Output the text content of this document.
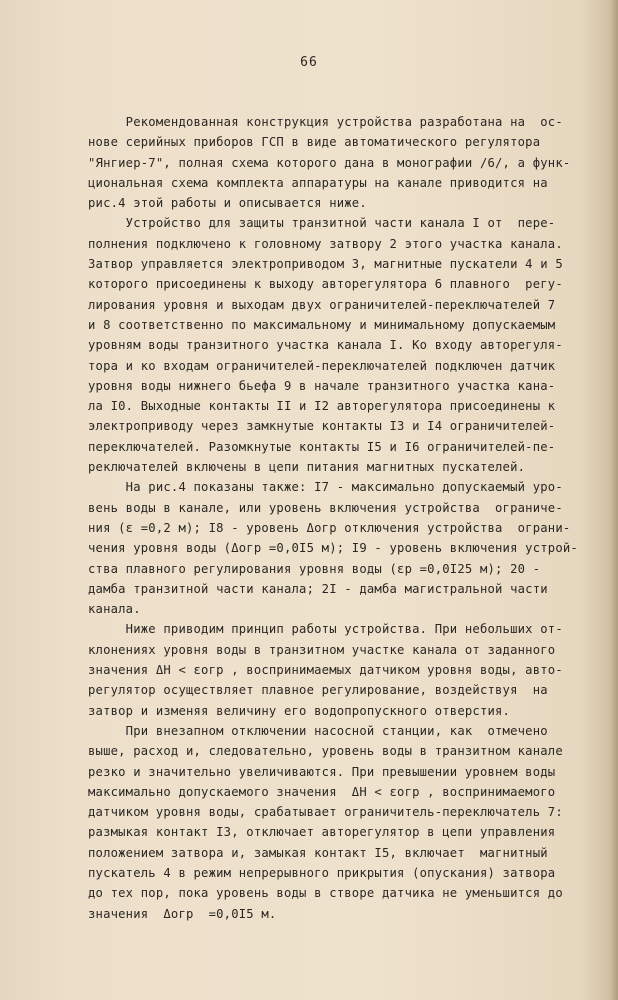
66
Рекомендованная конструкция устройства разработана на  ос-
нове серийных приборов ГСП в виде автоматического регулятора
"Янгиер-7", полная схема которого дана в монографии /6/, а функ-
циональная схема комплекта аппаратуры на канале приводится на
рис.4 этой работы и описывается ниже.
Устройство для защиты транзитной части канала I от  пере-
полнения подключено к головному затвору 2 этого участка канала.
Затвор управляется электроприводом 3, магнитные пускатели 4 и 5
которого присоединены к выходу авторегулятора 6 плавного  регу-
лирования уровня и выходам двух ограничителей-переключателей 7
и 8 соответственно по максимальному и минимальному допускаемым
уровням воды транзитного участка канала I. Ко входу авторегуля-
тора и ко входам ограничителей-переключателей подключен датчик
уровня воды нижнего бьефа 9 в начале транзитного участка кана-
ла I0. Выходные контакты II и I2 авторегулятора присоединены к
электроприводу через замкнутые контакты I3 и I4 ограничителей-
переключателей. Разомкнутые контакты I5 и I6 ограничителей-пе-
реключателей включены в цепи питания магнитных пускателей.
На рис.4 показаны также: I7 - максимально допускаемый уро-
вень воды в канале, или уровень включения устройства  ограниче-
ния (ε =0,2 м); I8 - уровень Δогр отключения устройства  ограни-
чения уровня воды (Δогр =0,0I5 м); I9 - уровень включения устрой-
ства плавного регулирования уровня воды (εр =0,0I25 м); 20 -
дамба транзитной части канала; 2I - дамба магистральной части
канала.
Ниже приводим принцип работы устройства. При небольших от-
клонениях уровня воды в транзитном участке канала от заданного
значения ΔH < εогр , воспринимаемых датчиком уровня воды, авто-
регулятор осуществляет плавное регулирование, воздействуя  на
затвор и изменяя величину его водопропускного отверстия.
При внезапном отключении насосной станции, как  отмечено
выше, расход и, следовательно, уровень воды в транзитном канале
резко и значительно увеличиваются. При превышении уровнем воды
максимально допускаемого значения  ΔH < εогр , воспринимаемого
датчиком уровня воды, срабатывает ограничитель-переключатель 7:
размыкая контакт I3, отключает авторегулятор в цепи управления
положением затвора и, замыкая контакт I5, включает  магнитный
пускатель 4 в режим непрерывного прикрытия (опускания) затвора
до тех пор, пока уровень воды в створе датчика не уменьшится до
значения  Δогр  =0,0I5 м.
